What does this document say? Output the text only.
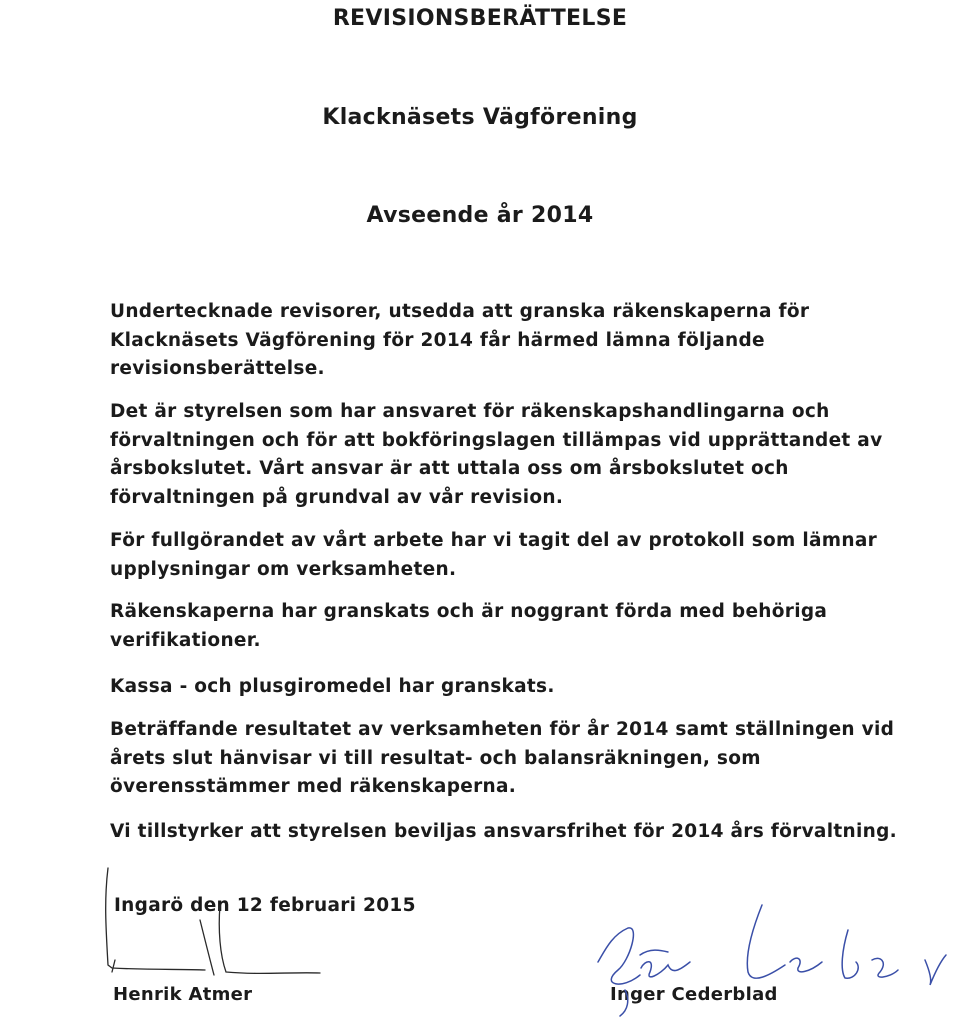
REVISIONSBERÄTTELSE
Klacknäsets Vägförening
Avseende år 2014

Undertecknade revisorer, utsedda att granska räkenskaperna för Klacknäsets Vägförening för 2014 får härmed lämna följande revisionsberättelse.

Det är styrelsen som har ansvaret för räkenskapshandlingarna och förvaltningen och för att bokföringslagen tillämpas vid upprättandet av årsbokslutet. Vårt ansvar är att uttala oss om årsbokslutet och förvaltningen på grundval av vår revision.

För fullgörandet av vårt arbete har vi tagit del av protokoll som lämnar upplysningar om verksamheten.

Räkenskaperna har granskats och är noggrant förda med behöriga verifikationer.

Kassa - och plusgiromedel har granskats.

Beträffande resultatet av verksamheten för år 2014 samt ställningen vid årets slut hänvisar vi till resultat- och balansräkningen, som överensstämmer med räkenskaperna.

Vi tillstyrker att styrelsen beviljas ansvarsfrihet för 2014 års förvaltning.

Ingarö den 12 februari 2015

Henrik Atmer	Inger Cederblad
